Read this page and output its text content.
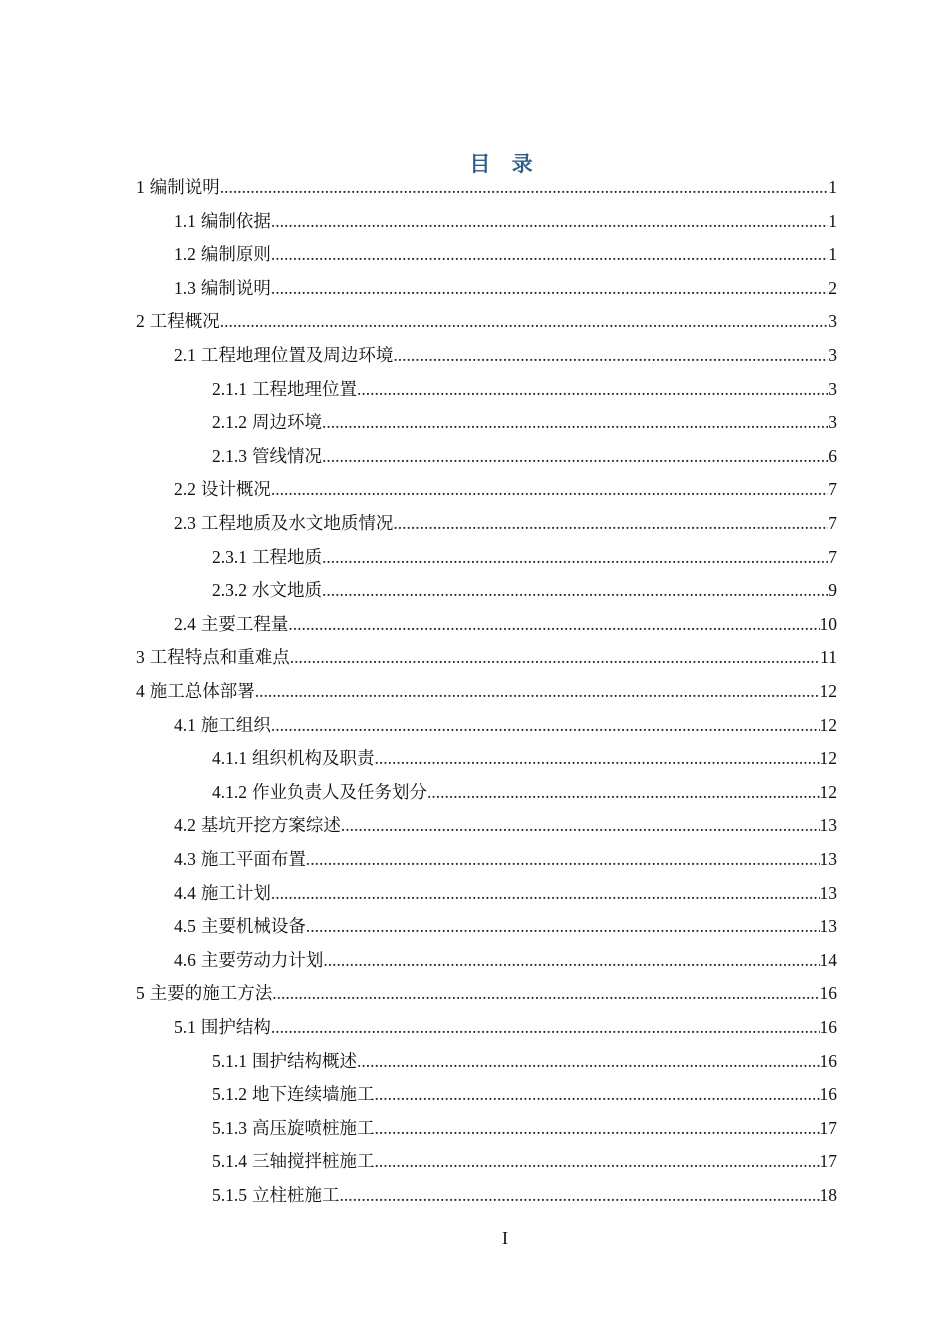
目 录
1 编制说明 .....	1
1.1 编制依据 .....	1
1.2 编制原则 .....	1
1.3 编制说明 .....	2
2 工程概况 .....	3
2.1 工程地理位置及周边环境 .....	3
2.1.1 工程地理位置 .....	3
2.1.2 周边环境 .....	3
2.1.3 管线情况 .....	6
2.2 设计概况 .....	7
2.3 工程地质及水文地质情况 .....	7
2.3.1 工程地质 .....	7
2.3.2 水文地质 .....	9
2.4 主要工程量 .....	10
3 工程特点和重难点 .....	11
4 施工总体部署 .....	12
4.1 施工组织 .....	12
4.1.1 组织机构及职责 .....	12
4.1.2 作业负责人及任务划分 .....	12
4.2 基坑开挖方案综述 .....	13
4.3 施工平面布置 .....	13
4.4 施工计划 .....	13
4.5 主要机械设备 .....	13
4.6 主要劳动力计划 .....	14
5 主要的施工方法 .....	16
5.1 围护结构 .....	16
5.1.1 围护结构概述 .....	16
5.1.2 地下连续墙施工 .....	16
5.1.3 高压旋喷桩施工 .....	17
5.1.4 三轴搅拌桩施工 .....	17
5.1.5 立柱桩施工 .....	18
I
